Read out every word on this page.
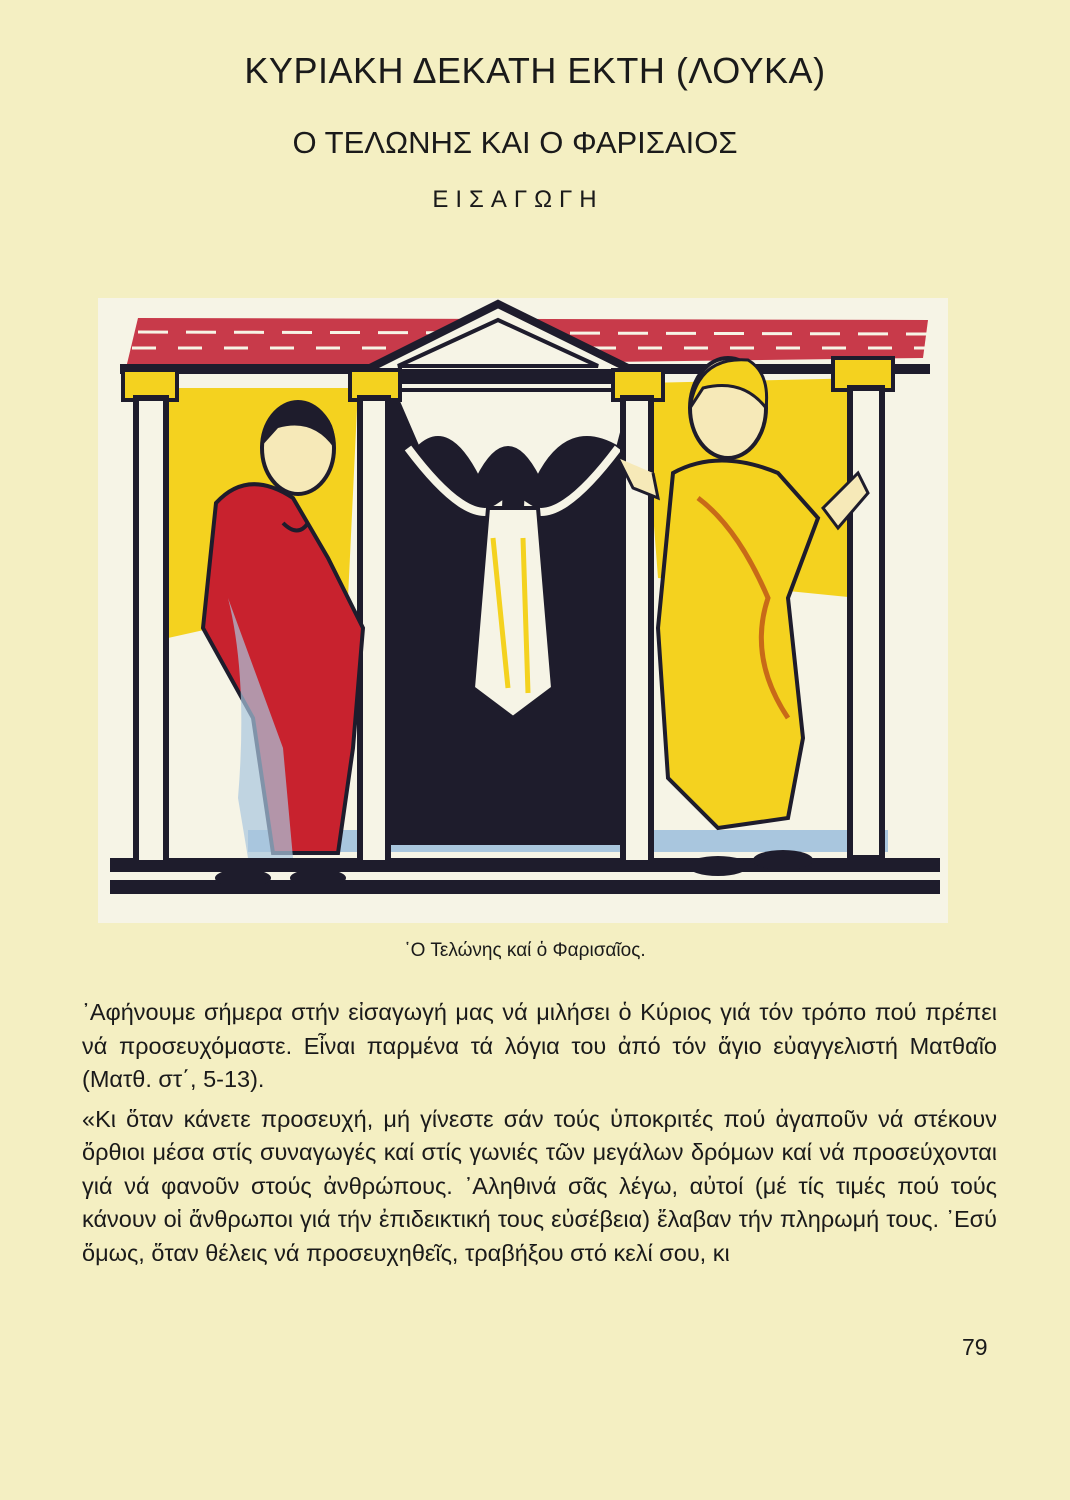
ΚΥΡΙΑΚΗ ΔΕΚΑΤΗ ΕΚΤΗ (ΛΟΥΚΑ)
Ο ΤΕΛΩΝΗΣ ΚΑΙ Ο ΦΑΡΙΣΑΙΟΣ
ΕΙΣΑΓΩΓΗ
῾Ο Τελώνης καί ὁ Φαρισαῖος.

᾿Αφήνουμε σήμερα στήν εἰσαγωγή μας νά μιλήσει ὁ Κύριος γιά τόν τρόπο πού πρέπει νά προσευχόμαστε. Εἶναι παρμένα τά λόγια του ἀπό τόν ἅγιο εὐαγγελιστή Ματθαῖο (Ματθ. στ΄, 5-13).

«Κι ὅταν κάνετε προσευχή, μή γίνεστε σάν τούς ὑποκριτές πού ἀγαποῦν νά στέκουν ὄρθιοι μέσα στίς συναγωγές καί στίς γωνιές τῶν μεγάλων δρόμων καί νά προσεύχονται γιά νά φανοῦν στούς ἀνθρώπους. ᾿Αληθινά σᾶς λέγω, αὐτοί (μέ τίς τιμές πού τούς κάνουν οἱ ἄνθρωποι γιά τήν ἐπιδεικτική τους εὐσέβεια) ἔλαβαν τήν πληρωμή τους. ᾿Εσύ ὅμως, ὅταν θέλεις νά προσευχηθεῖς, τραβήξου στό κελί σου, κι

79
